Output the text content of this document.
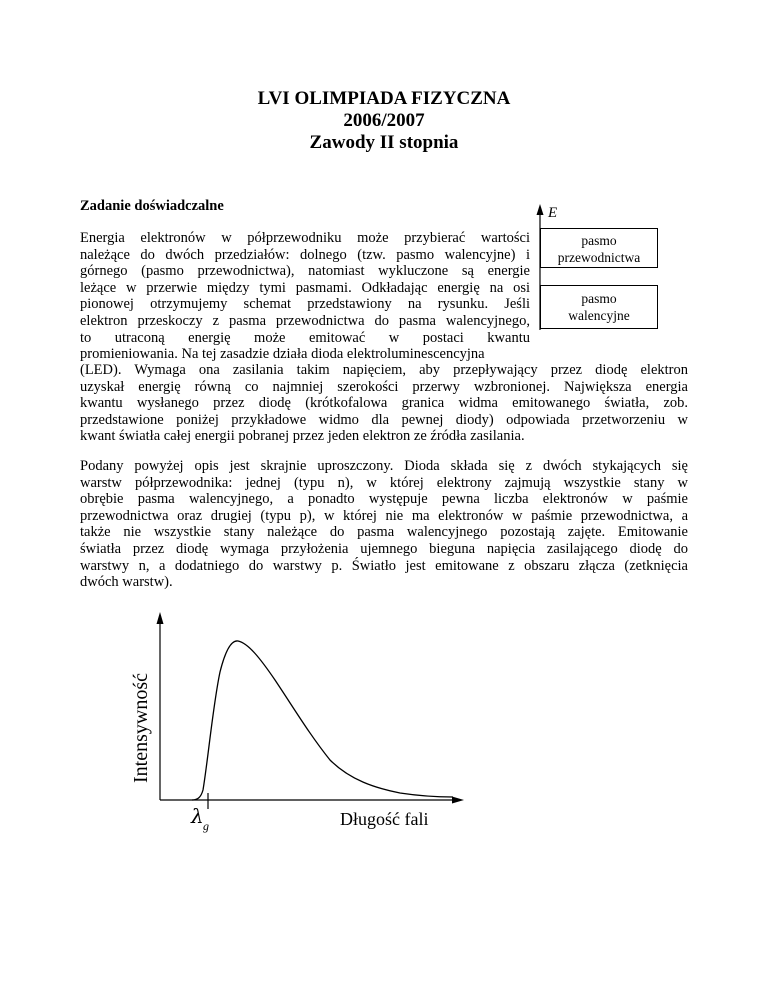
LVI OLIMPIADA FIZYCZNA
2006/2007
Zawody II stopnia
Zadanie doświadczalne
Energia elektronów w półprzewodniku może przybierać wartości
należące do dwóch przedziałów: dolnego (tzw. pasmo walencyjne) i
górnego (pasmo przewodnictwa), natomiast wykluczone są energie
leżące w przerwie między tymi pasmami. Odkładając energię na osi
pionowej otrzymujemy schemat przedstawiony na rysunku. Jeśli
elektron przeskoczy z pasma przewodnictwa do pasma walencyjnego,
to utraconą energię może emitować w postaci kwantu
promieniowania. Na tej zasadzie działa dioda elektroluminescencyjna
(LED). Wymaga ona zasilania takim napięciem, aby przepływający przez diodę elektron
uzyskał energię równą co najmniej szerokości przerwy wzbronionej. Największa energia
kwantu wysłanego przez diodę (krótkofalowa granica widma emitowanego światła, zob.
przedstawione poniżej przykładowe widmo dla pewnej diody) odpowiada przetworzeniu w
kwant światła całej energii pobranej przez jeden elektron ze źródła zasilania.
Podany powyżej opis jest skrajnie uproszczony. Dioda składa się z dwóch stykających się
warstw półprzewodnika: jednej (typu n), w której elektrony zajmują wszystkie stany w
obrębie pasma walencyjnego, a ponadto występuje pewna liczba elektronów w paśmie
przewodnictwa oraz drugiej (typu p), w której nie ma elektronów w paśmie przewodnictwa, a
także nie wszystkie stany należące do pasma walencyjnego pozostają zajęte. Emitowanie
światła przez diodę wymaga przyłożenia ujemnego bieguna napięcia zasilającego diodę do
warstwy n, a dodatniego do warstwy p. Światło jest emitowane z obszaru złącza (zetknięcia
dwóch warstw).
pasmo
przewodnictwa
pasmo
walencyjne
E
Intensywność
Długość fali
λ g
